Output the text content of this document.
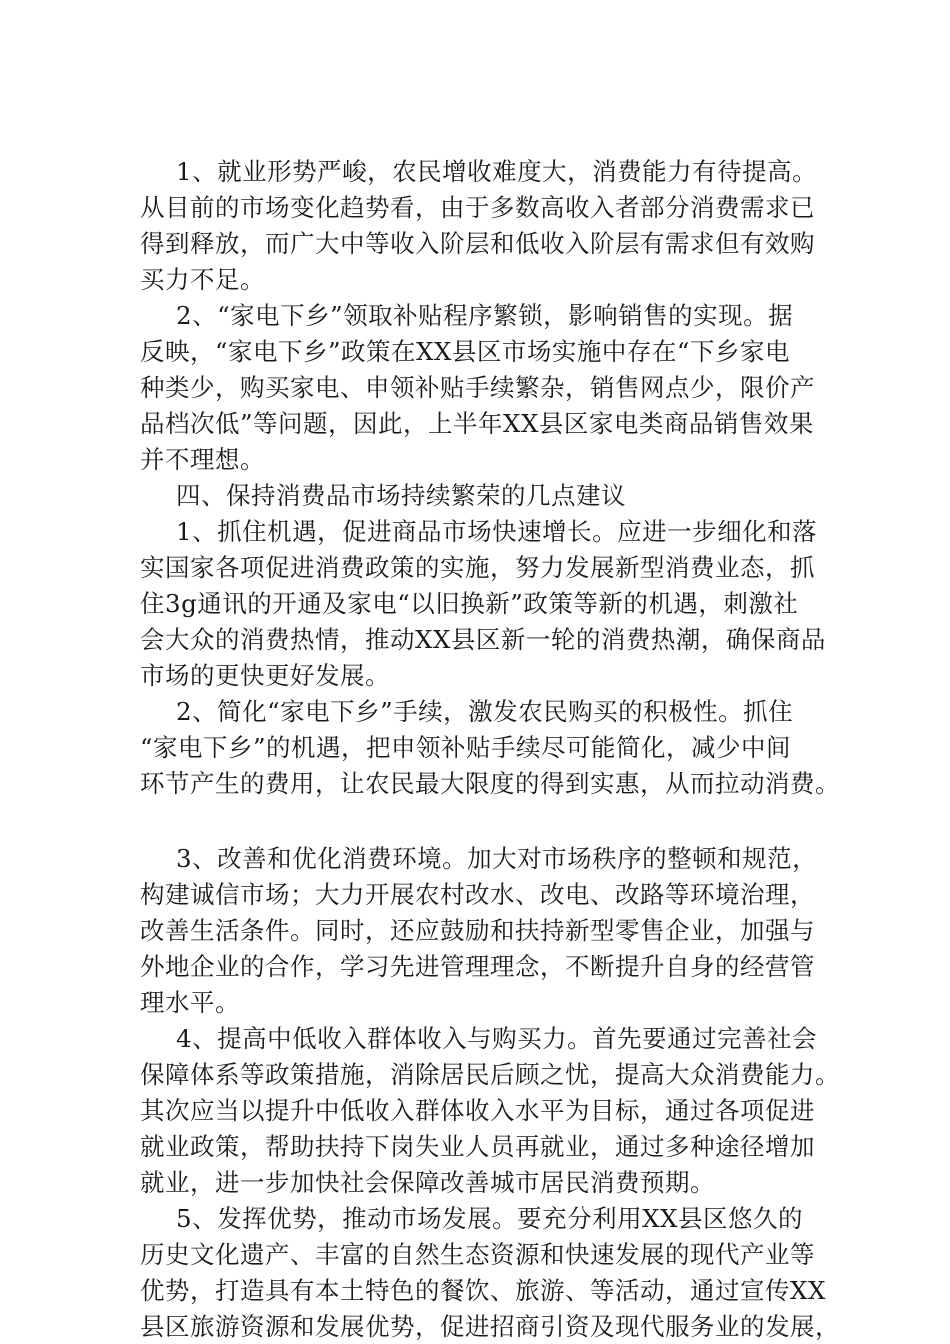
1、就业形势严峻，农民增收难度大，消费能力有待提高。
从目前的市场变化趋势看，由于多数高收入者部分消费需求已
得到释放，而广大中等收入阶层和低收入阶层有需求但有效购
买力不足。
2、“家电下乡”领取补贴程序繁锁，影响销售的实现。据
反映，“家电下乡”政策在XX县区市场实施中存在“下乡家电
种类少，购买家电、申领补贴手续繁杂，销售网点少，限价产
品档次低”等问题，因此，上半年XX县区家电类商品销售效果
并不理想。
四、保持消费品市场持续繁荣的几点建议
1、抓住机遇，促进商品市场快速增长。应进一步细化和落
实国家各项促进消费政策的实施，努力发展新型消费业态，抓
住3g通讯的开通及家电“以旧换新”政策等新的机遇，刺激社
会大众的消费热情，推动XX县区新一轮的消费热潮，确保商品
市场的更快更好发展。
2、简化“家电下乡”手续，激发农民购买的积极性。抓住
“家电下乡”的机遇，把申领补贴手续尽可能简化，减少中间
环节产生的费用，让农民最大限度的得到实惠，从而拉动消费。
3、改善和优化消费环境。加大对市场秩序的整顿和规范，
构建诚信市场；大力开展农村改水、改电、改路等环境治理，
改善生活条件。同时，还应鼓励和扶持新型零售企业，加强与
外地企业的合作，学习先进管理理念，不断提升自身的经营管
理水平。
4、提高中低收入群体收入与购买力。首先要通过完善社会
保障体系等政策措施，消除居民后顾之忧，提高大众消费能力。
其次应当以提升中低收入群体收入水平为目标，通过各项促进
就业政策，帮助扶持下岗失业人员再就业，通过多种途径增加
就业，进一步加快社会保障改善城市居民消费预期。
5、发挥优势，推动市场发展。要充分利用XX县区悠久的
历史文化遗产、丰富的自然生态资源和快速发展的现代产业等
优势，打造具有本土特色的餐饮、旅游、等活动，通过宣传XX
县区旅游资源和发展优势，促进招商引资及现代服务业的发展，
